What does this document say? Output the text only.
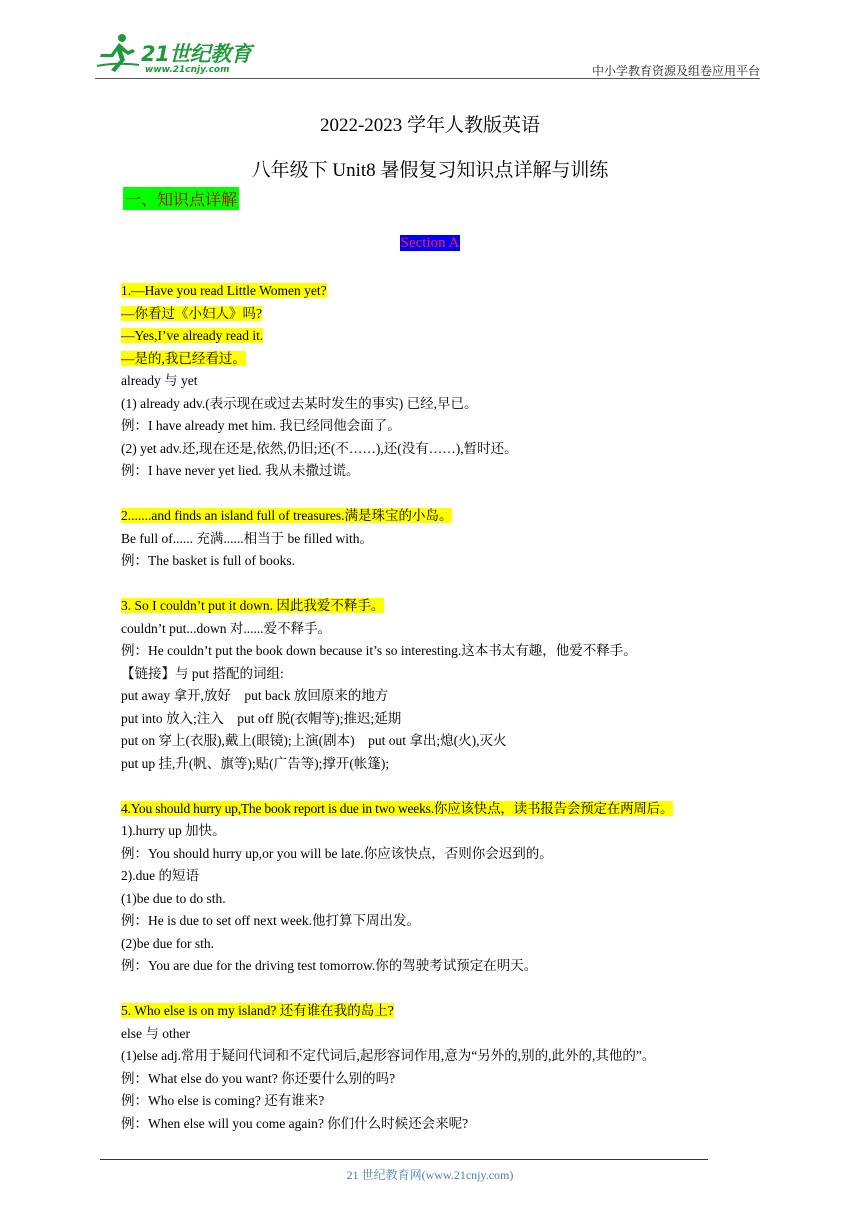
21世纪教育
www.21cnjy.com	中小学教育资源及组卷应用平台
2022-2023 学年人教版英语
八年级下 Unit8 暑假复习知识点详解与训练
一、知识点详解
Section A
1.—Have you read Little Women yet?
—你看过《小妇人》吗?
—Yes,I’ve already read it.
—是的,我已经看过。
already 与 yet
(1) already adv.(表示现在或过去某时发生的事实) 已经,早已。
例：I have already met him. 我已经同他会面了。
(2) yet adv.还,现在还是,依然,仍旧;还(不……),还(没有……),暂时还。
例：I have never yet lied. 我从未撒过谎。
2.......and finds an island full of treasures.满是珠宝的小岛。
Be full of...... 充满......相当于 be filled with。
例：The basket is full of books.
3. So I couldn’t put it down. 因此我爱不释手。
couldn’t put...down 对......爱不释手。
例：He couldn’t put the book down because it’s so interesting.这本书太有趣，他爱不释手。
【链接】与 put 搭配的词组:
put away 拿开,放好    put back 放回原来的地方
put into 放入;注入    put off 脱(衣帽等);推迟;延期
put on 穿上(衣服),戴上(眼镜);上演(剧本)    put out 拿出;熄(火),灭火
put up 挂,升(帆、旗等);贴(广告等);撑开(帐篷);
4.You should hurry up,The book report is due in two weeks.你应该快点，读书报告会预定在两周后。
1).hurry up 加快。
例：You should hurry up,or you will be late.你应该快点，否则你会迟到的。
2).due 的短语
(1)be due to do sth.
例：He is due to set off next week.他打算下周出发。
(2)be due for sth.
例：You are due for the driving test tomorrow.你的驾驶考试预定在明天。
5. Who else is on my island? 还有谁在我的岛上?
else 与 other
(1)else adj.常用于疑问代词和不定代词后,起形容词作用,意为“另外的,别的,此外的,其他的”。
例：What else do you want? 你还要什么别的吗?
例：Who else is coming? 还有谁来?
例：When else will you come again? 你们什么时候还会来呢?
21 世纪教育网(www.21cnjy.com)
